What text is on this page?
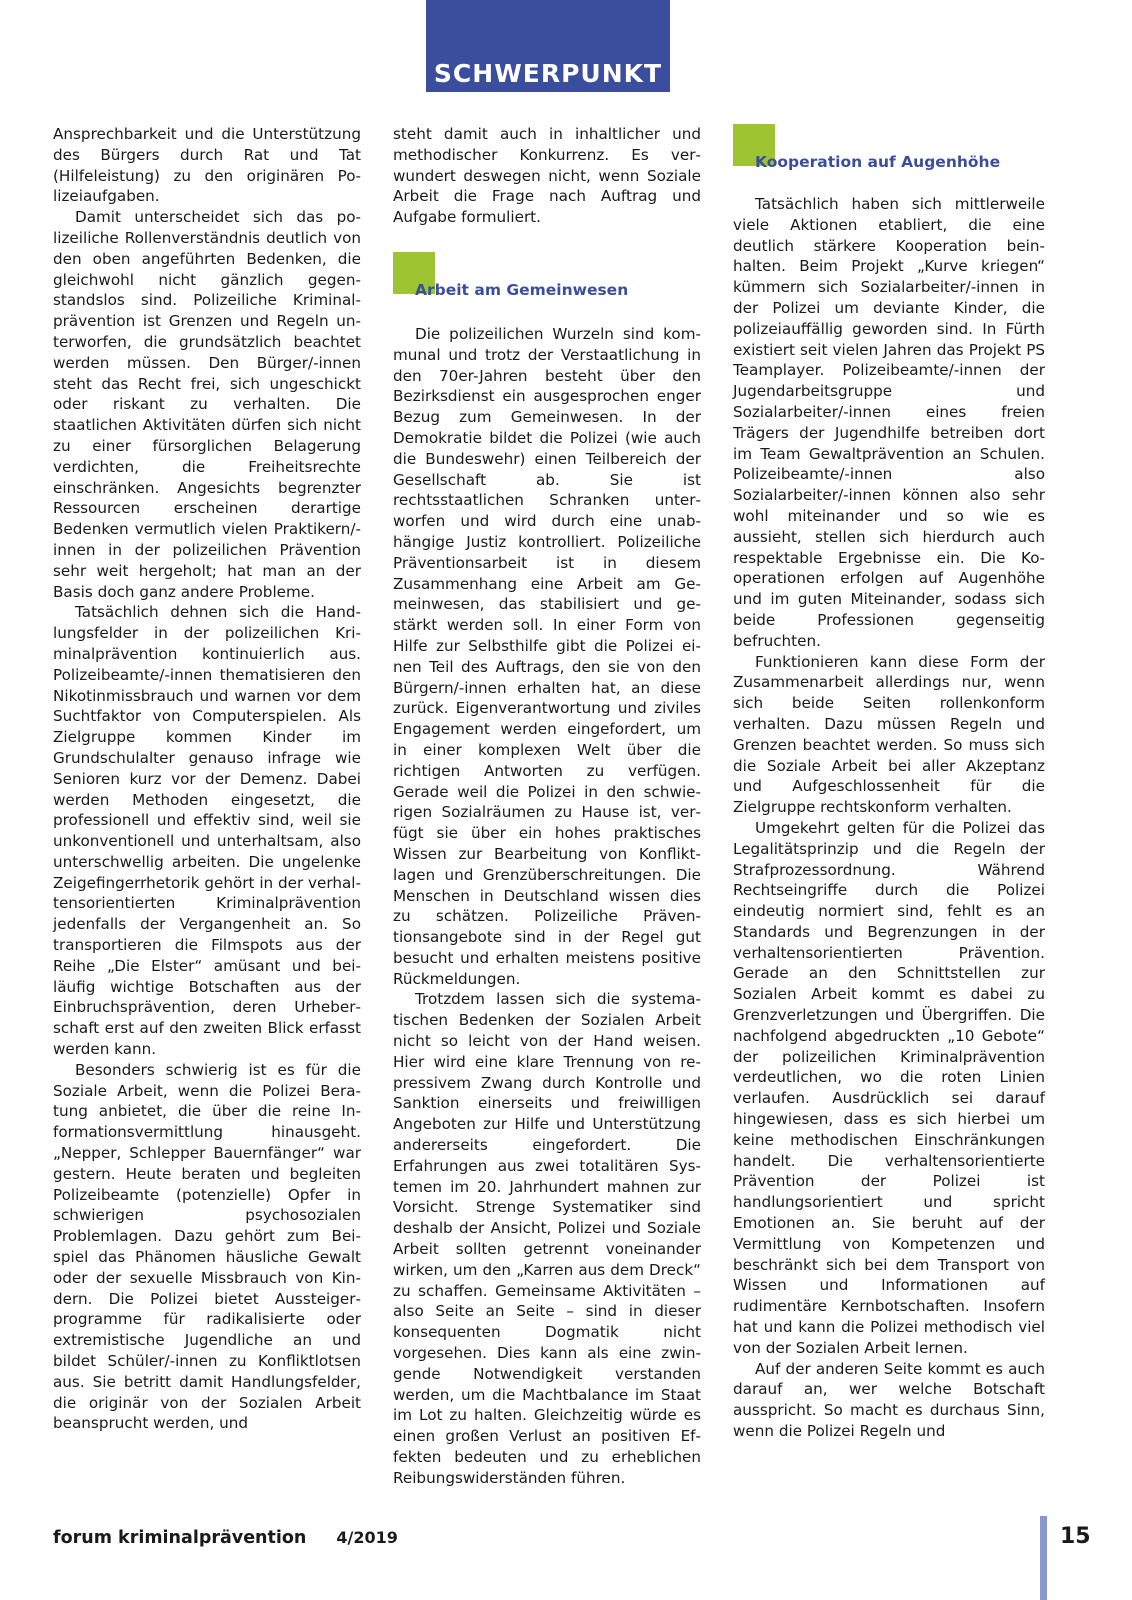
SCHWERPUNKT

Ansprechbarkeit und die Unterstützung des Bürgers durch Rat und Tat (Hilfeleistung) zu den originären Polizeiaufgaben.

Damit unterscheidet sich das polizeiliche Rollenverständnis deutlich von den oben angeführten Bedenken, die gleichwohl nicht gänzlich gegenstandslos sind. Polizeiliche Kriminalprävention ist Grenzen und Regeln unterworfen, die grundsätzlich beachtet werden müssen. Den Bürger/-innen steht das Recht frei, sich ungeschickt oder riskant zu verhalten. Die staatlichen Aktivitäten dürfen sich nicht zu einer fürsorglichen Belagerung verdichten, die Freiheitsrechte einschränken. Angesichts begrenzter Ressourcen erscheinen derartige Bedenken vermutlich vielen Praktikern/-innen in der polizeilichen Prävention sehr weit hergeholt; hat man an der Basis doch ganz andere Probleme.

Tatsächlich dehnen sich die Handlungsfelder in der polizeilichen Kriminalprävention kontinuierlich aus. Polizeibeamte/-innen thematisieren den Nikotinmissbrauch und warnen vor dem Suchtfaktor von Computerspielen. Als Zielgruppe kommen Kinder im Grundschulalter genauso infrage wie Senioren kurz vor der Demenz. Dabei werden Methoden eingesetzt, die professionell und effektiv sind, weil sie unkonventionell und unterhaltsam, also unterschwellig arbeiten. Die ungelenke Zeigefingerrhetorik gehört in der verhaltensorientierten Kriminalprävention jedenfalls der Vergangenheit an. So transportieren die Filmspots aus der Reihe „Die Elster“ amüsant und beiläufig wichtige Botschaften aus der Einbruchsprävention, deren Urheberschaft erst auf den zweiten Blick erfasst werden kann.

Besonders schwierig ist es für die Soziale Arbeit, wenn die Polizei Beratung anbietet, die über die reine Informationsvermittlung hinausgeht. „Nepper, Schlepper Bauernfänger“ war gestern. Heute beraten und begleiten Polizeibeamte (potenzielle) Opfer in schwierigen psychosozialen Problemlagen. Dazu gehört zum Beispiel das Phänomen häusliche Gewalt oder der sexuelle Missbrauch von Kindern. Die Polizei bietet Aussteigerprogramme für radikalisierte oder extremistische Jugendliche an und bildet Schüler/-innen zu Konfliktlotsen aus. Sie betritt damit Handlungsfelder, die originär von der Sozialen Arbeit beansprucht werden, und

steht damit auch in inhaltlicher und methodischer Konkurrenz. Es verwundert deswegen nicht, wenn Soziale Arbeit die Frage nach Auftrag und Aufgabe formuliert.

Arbeit am Gemeinwesen

Die polizeilichen Wurzeln sind kommunal und trotz der Verstaatlichung in den 70er-Jahren besteht über den Bezirksdienst ein ausgesprochen enger Bezug zum Gemeinwesen. In der Demokratie bildet die Polizei (wie auch die Bundeswehr) einen Teilbereich der Gesellschaft ab. Sie ist rechtsstaatlichen Schranken unterworfen und wird durch eine unabhängige Justiz kontrolliert. Polizeiliche Präventionsarbeit ist in diesem Zusammenhang eine Arbeit am Gemeinwesen, das stabilisiert und gestärkt werden soll. In einer Form von Hilfe zur Selbsthilfe gibt die Polizei einen Teil des Auftrags, den sie von den Bürgern/-innen erhalten hat, an diese zurück. Eigenverantwortung und ziviles Engagement werden eingefordert, um in einer komplexen Welt über die richtigen Antworten zu verfügen. Gerade weil die Polizei in den schwierigen Sozialräumen zu Hause ist, verfügt sie über ein hohes praktisches Wissen zur Bearbeitung von Konfliktlagen und Grenzüberschreitungen. Die Menschen in Deutschland wissen dies zu schätzen. Polizeiliche Präventionsangebote sind in der Regel gut besucht und erhalten meistens positive Rückmeldungen.

Trotzdem lassen sich die systematischen Bedenken der Sozialen Arbeit nicht so leicht von der Hand weisen. Hier wird eine klare Trennung von repressivem Zwang durch Kontrolle und Sanktion einerseits und freiwilligen Angeboten zur Hilfe und Unterstützung andererseits eingefordert. Die Erfahrungen aus zwei totalitären Systemen im 20. Jahrhundert mahnen zur Vorsicht. Strenge Systematiker sind deshalb der Ansicht, Polizei und Soziale Arbeit sollten getrennt voneinander wirken, um den „Karren aus dem Dreck“ zu schaffen. Gemeinsame Aktivitäten – also Seite an Seite – sind in dieser konsequenten Dogmatik nicht vorgesehen. Dies kann als eine zwingende Notwendigkeit verstanden werden, um die Machtbalance im Staat im Lot zu halten. Gleichzeitig würde es einen großen Verlust an positiven Effekten bedeuten und zu erheblichen Reibungswiderständen führen.

Kooperation auf Augenhöhe

Tatsächlich haben sich mittlerweile viele Aktionen etabliert, die eine deutlich stärkere Kooperation beinhalten. Beim Projekt „Kurve kriegen“ kümmern sich Sozialarbeiter/-innen in der Polizei um deviante Kinder, die polizeiauffällig geworden sind. In Fürth existiert seit vielen Jahren das Projekt PS Teamplayer. Polizeibeamte/-innen der Jugendarbeitsgruppe und Sozialarbeiter/-innen eines freien Trägers der Jugendhilfe betreiben dort im Team Gewaltprävention an Schulen. Polizeibeamte/-innen also Sozialarbeiter/-innen können also sehr wohl miteinander und so wie es aussieht, stellen sich hierdurch auch respektable Ergebnisse ein. Die Kooperationen erfolgen auf Augenhöhe und im guten Miteinander, sodass sich beide Professionen gegenseitig befruchten.

Funktionieren kann diese Form der Zusammenarbeit allerdings nur, wenn sich beide Seiten rollenkonform verhalten. Dazu müssen Regeln und Grenzen beachtet werden. So muss sich die Soziale Arbeit bei aller Akzeptanz und Aufgeschlossenheit für die Zielgruppe rechtskonform verhalten.

Umgekehrt gelten für die Polizei das Legalitätsprinzip und die Regeln der Strafprozessordnung. Während Rechtseingriffe durch die Polizei eindeutig normiert sind, fehlt es an Standards und Begrenzungen in der verhaltensorientierten Prävention. Gerade an den Schnittstellen zur Sozialen Arbeit kommt es dabei zu Grenzverletzungen und Übergriffen. Die nachfolgend abgedruckten „10 Gebote“ der polizeilichen Kriminalprävention verdeutlichen, wo die roten Linien verlaufen. Ausdrücklich sei darauf hingewiesen, dass es sich hierbei um keine methodischen Einschränkungen handelt. Die verhaltensorientierte Prävention der Polizei ist handlungsorientiert und spricht Emotionen an. Sie beruht auf der Vermittlung von Kompetenzen und beschränkt sich bei dem Transport von Wissen und Informationen auf rudimentäre Kernbotschaften. Insofern hat und kann die Polizei methodisch viel von der Sozialen Arbeit lernen.

Auf der anderen Seite kommt es auch darauf an, wer welche Botschaft ausspricht. So macht es durchaus Sinn, wenn die Polizei Regeln und

forum kriminalprävention 4/2019	15
